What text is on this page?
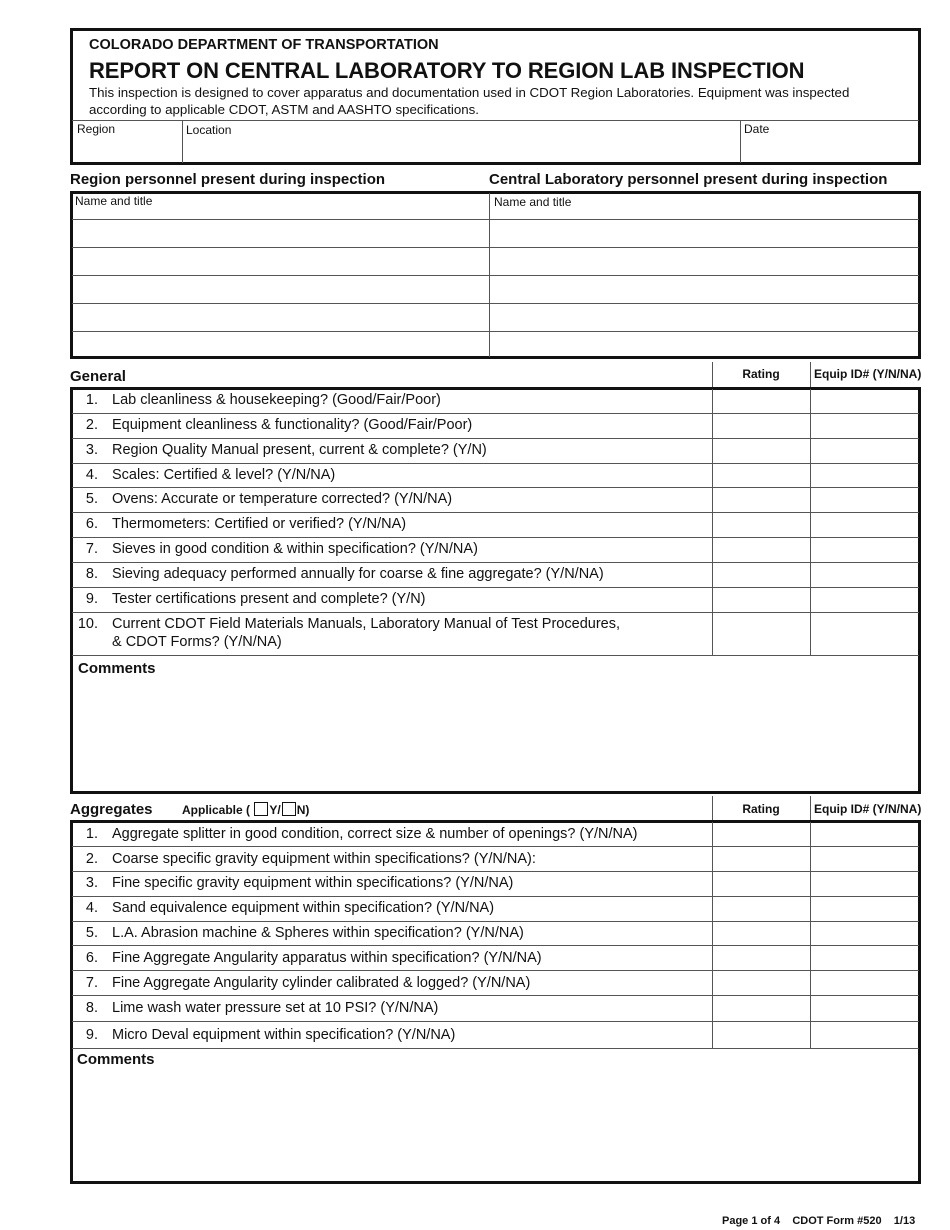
COLORADO DEPARTMENT OF TRANSPORTATION
REPORT ON CENTRAL LABORATORY TO REGION LAB INSPECTION
This inspection is designed to cover apparatus and documentation used in CDOT Region Laboratories. Equipment was inspected
according to applicable CDOT, ASTM and AASHTO specifications.
Region	Location	Date
Region personnel present during inspection	Central Laboratory personnel present during inspection
Name and title	Name and title
General	Rating	Equip ID# (Y/N/NA)
1. Lab cleanliness & housekeeping? (Good/Fair/Poor)
2. Equipment cleanliness & functionality? (Good/Fair/Poor)
3. Region Quality Manual present, current & complete? (Y/N)
4. Scales: Certified & level? (Y/N/NA)
5. Ovens: Accurate or temperature corrected? (Y/N/NA)
6. Thermometers: Certified or verified? (Y/N/NA)
7. Sieves in good condition & within specification? (Y/N/NA)
8. Sieving adequacy performed annually for coarse & fine aggregate? (Y/N/NA)
9. Tester certifications present and complete? (Y/N)
10. Current CDOT Field Materials Manuals, Laboratory Manual of Test Procedures,
& CDOT Forms? (Y/N/NA)
Comments
Aggregates Applicable ( Y/ N)	Rating	Equip ID# (Y/N/NA)
1. Aggregate splitter in good condition, correct size & number of openings? (Y/N/NA)
2. Coarse specific gravity equipment within specifications? (Y/N/NA):
3. Fine specific gravity equipment within specifications? (Y/N/NA)
4. Sand equivalence equipment within specification? (Y/N/NA)
5. L.A. Abrasion machine & Spheres within specification? (Y/N/NA)
6. Fine Aggregate Angularity apparatus within specification? (Y/N/NA)
7. Fine Aggregate Angularity cylinder calibrated & logged? (Y/N/NA)
8. Lime wash water pressure set at 10 PSI? (Y/N/NA)
9. Micro Deval equipment within specification? (Y/N/NA)
Comments
Page 1 of 4 CDOT Form #520 1/13
